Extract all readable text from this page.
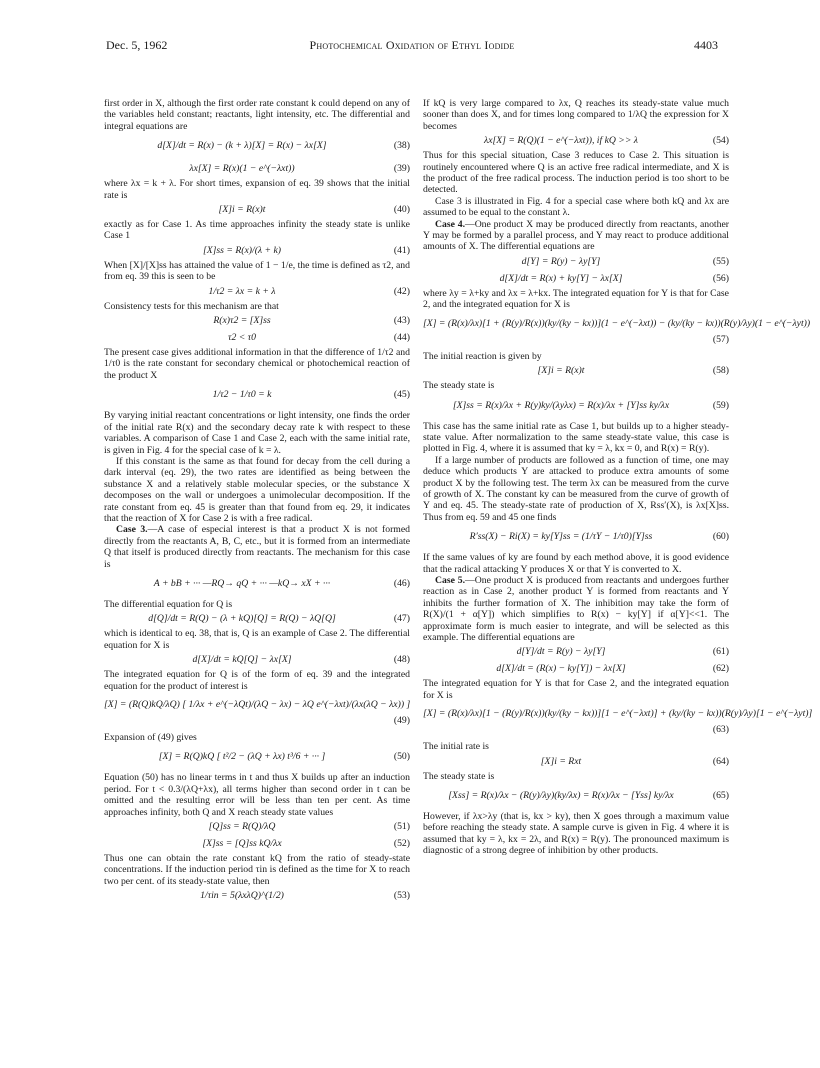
Dec. 5, 1962	Photochemical Oxidation of Ethyl Iodide	4403

first order in X, although the first order rate constant k could depend on any of the variables held constant; reactants, light intensity, etc. The differential and integral equations are

d[X]/dt = R(x) − (k + λ)[X] = R(x) − λx[X]	(38)
λx[X] = R(x)(1 − e^(−λxt))	(39)

where λx = k + λ. For short times, expansion of eq. 39 shows that the initial rate is

[X]i = R(x)t	(40)

exactly as for Case 1. As time approaches infinity the steady state is unlike Case 1

[X]ss = R(x)/(λ + k)	(41)

When [X]/[X]ss has attained the value of 1 − 1/e, the time is defined as τ2, and from eq. 39 this is seen to be

1/τ2 = λx = k + λ	(42)

Consistency tests for this mechanism are that

R(x)τ2 = [X]ss	(43)
τ2 < τ0	(44)

The present case gives additional information in that the difference of 1/τ2 and 1/τ0 is the rate constant for secondary chemical or photochemical reaction of the product X

1/τ2 − 1/τ0 = k	(45)

By varying initial reactant concentrations or light intensity, one finds the order of the initial rate R(x) and the secondary decay rate k with respect to these variables. A comparison of Case 1 and Case 2, each with the same initial rate, is given in Fig. 4 for the special case of k = λ.

If this constant is the same as that found for decay from the cell during a dark interval (eq. 29), the two rates are identified as being between the substance X and a relatively stable molecular species, or the substance X decomposes on the wall or undergoes a unimolecular decomposition. If the rate constant from eq. 45 is greater than that found from eq. 29, it indicates that the reaction of X for Case 2 is with a free radical.

Case 3.—A case of especial interest is that a product X is not formed directly from the reactants A, B, C, etc., but it is formed from an intermediate Q that itself is produced directly from reactants. The mechanism for this case is

A + bB + ··· —RQ→ qQ + ··· —kQ→ xX + ···	(46)

The differential equation for Q is

d[Q]/dt = R(Q) − (λ + kQ)[Q] = R(Q) − λQ[Q]	(47)

which is identical to eq. 38, that is, Q is an example of Case 2. The differential equation for X is

d[X]/dt = kQ[Q] − λx[X]	(48)

The integrated equation for Q is of the form of eq. 39 and the integrated equation for the product of interest is

[X] = (R(Q)kQ/λQ) [ 1/λx + e^(−λQt)/(λQ − λx) − λQ e^(−λxt)/(λx(λQ − λx)) ]
(49)

Expansion of (49) gives

[X] = R(Q)kQ [ t²/2 − (λQ + λx) t³/6 + ··· ]	(50)

Equation (50) has no linear terms in t and thus X builds up after an induction period. For t < 0.3/(λQ+λx), all terms higher than second order in t can be omitted and the resulting error will be less than ten per cent. As time approaches infinity, both Q and X reach steady state values

[Q]ss = R(Q)/λQ	(51)
[X]ss = [Q]ss kQ/λx	(52)

Thus one can obtain the rate constant kQ from the ratio of steady-state concentrations. If the induction period τin is defined as the time for X to reach two per cent. of its steady-state value, then

1/τin = 5(λxλQ)^(1/2)	(53)

If kQ is very large compared to λx, Q reaches its steady-state value much sooner than does X, and for times long compared to 1/λQ the expression for X becomes

λx[X] = R(Q)(1 − e^(−λxt)), if kQ >> λ	(54)

Thus for this special situation, Case 3 reduces to Case 2. This situation is routinely encountered where Q is an active free radical intermediate, and X is the product of the free radical process. The induction period is too short to be detected.

Case 3 is illustrated in Fig. 4 for a special case where both kQ and λx are assumed to be equal to the constant λ.

Case 4.—One product X may be produced directly from reactants, another Y may be formed by a parallel process, and Y may react to produce additional amounts of X. The differential equations are

d[Y] = R(y) − λy[Y]	(55)
d[X]/dt = R(x) + ky[Y] − λx[X]	(56)

where λy = λ+ky and λx = λ+kx. The integrated equation for Y is that for Case 2, and the integrated equation for X is

[X] = (R(x)/λx)[1 + (R(y)/R(x))(ky/(ky − kx))](1 − e^(−λxt)) − (ky/(ky − kx))(R(y)/λy)(1 − e^(−λyt))
(57)

The initial reaction is given by

[X]i = R(x)t	(58)

The steady state is

[X]ss = R(x)/λx + R(y)ky/(λyλx) = R(x)/λx + [Y]ss ky/λx	(59)

This case has the same initial rate as Case 1, but builds up to a higher steady-state value. After normalization to the same steady-state value, this case is plotted in Fig. 4, where it is assumed that ky = λ, kx = 0, and R(x) = R(y).

If a large number of products are followed as a function of time, one may deduce which products Y are attacked to produce extra amounts of some product X by the following test. The term λx can be measured from the curve of growth of X. The constant ky can be measured from the curve of growth of Y and eq. 45. The steady-state rate of production of X, Rss′(X), is λx[X]ss. Thus from eq. 59 and 45 one finds

R′ss(X) − Ri(X) = ky[Y]ss = (1/τY − 1/τ0)[Y]ss	(60)

If the same values of ky are found by each method above, it is good evidence that the radical attacking Y produces X or that Y is converted to X.

Case 5.—One product X is produced from reactants and undergoes further reaction as in Case 2, another product Y is formed from reactants and Y inhibits the further formation of X. The inhibition may take the form of R(X)/(1 + α[Y]) which simplifies to R(x) − ky[Y] if α[Y]<<1. The approximate form is much easier to integrate, and will be selected as this example. The differential equations are

d[Y]/dt = R(y) − λy[Y]	(61)
d[X]/dt = (R(x) − ky[Y]) − λx[X]	(62)

The integrated equation for Y is that for Case 2, and the integrated equation for X is

[X] = (R(x)/λx)[1 − (R(y)/R(x))(ky/(ky − kx))][1 − e^(−λxt)] + (ky/(ky − kx))(R(y)/λy)[1 − e^(−λyt)]
(63)

The initial rate is

[X]i = Rxt	(64)

The steady state is

[Xss] = R(x)/λx − (R(y)/λy)(ky/λx) = R(x)/λx − [Yss] ky/λx	(65)

However, if λx>λy (that is, kx > ky), then X goes through a maximum value before reaching the steady state. A sample curve is given in Fig. 4 where it is assumed that ky = λ, kx = 2λ, and R(x) = R(y). The pronounced maximum is diagnostic of a strong degree of inhibition by other products.
